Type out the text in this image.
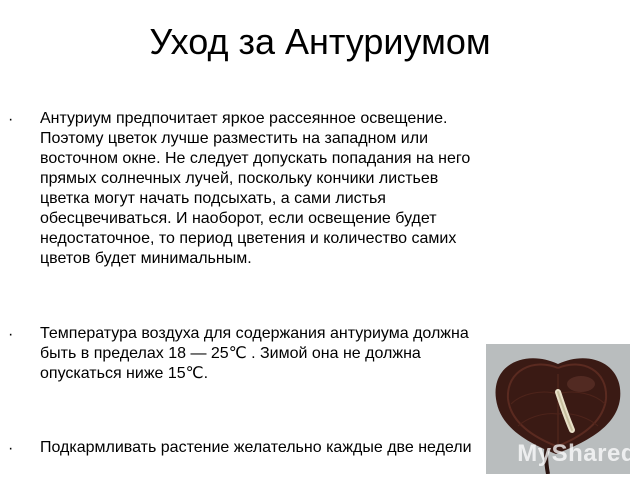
Уход за Антуриумом
· Антуриум предпочитает яркое рассеянное освещение.
Поэтому цветок лучше разместить на западном или
восточном окне. Не следует допускать попадания на него
прямых солнечных лучей, поскольку кончики листьев
цветка могут начать подсыхать, а сами листья
обесцвечиваться. И наоборот, если освещение будет
недостаточное, то период цветения и количество самих
цветов будет минимальным.

· Температура воздуха для содержания антуриума должна
быть в пределах 18 — 25℃ . Зимой она не должна
опускаться ниже 15℃.

· Подкармливать растение желательно каждые две недели	MyShared
